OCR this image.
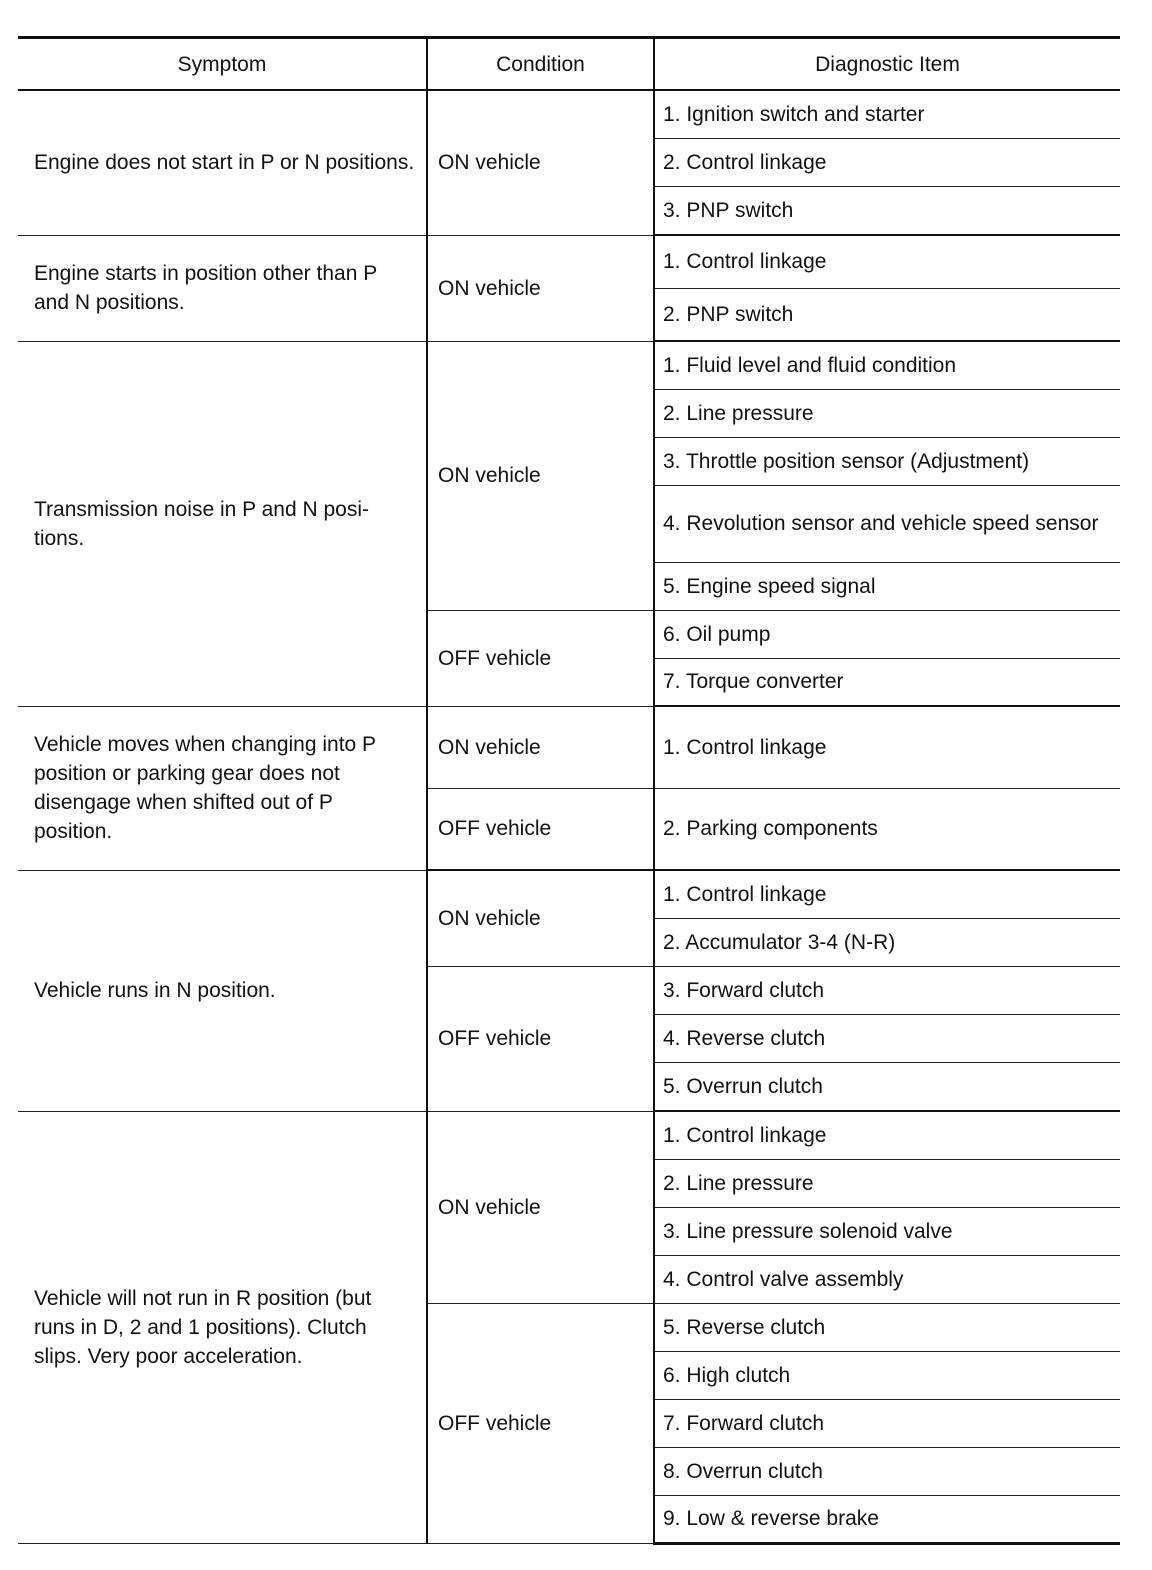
Symptom	Condition	Diagnostic Item
Engine does not start in P or N positions.	ON vehicle	1. Ignition switch and starter
		2. Control linkage
		3. PNP switch
Engine starts in position other than P and N positions.	ON vehicle	1. Control linkage
		2. PNP switch
Transmission noise in P and N posi-tions.	ON vehicle	1. Fluid level and fluid condition
		2. Line pressure
		3. Throttle position sensor (Adjustment)
		4. Revolution sensor and vehicle speed sensor
		5. Engine speed signal
	OFF vehicle	6. Oil pump
		7. Torque converter
Vehicle moves when changing into P position or parking gear does not disengage when shifted out of P position.	ON vehicle	1. Control linkage
	OFF vehicle	2. Parking components
Vehicle runs in N position.	ON vehicle	1. Control linkage
		2. Accumulator 3-4 (N-R)
	OFF vehicle	3. Forward clutch
		4. Reverse clutch
		5. Overrun clutch
Vehicle will not run in R position (but runs in D, 2 and 1 positions). Clutch slips. Very poor acceleration.	ON vehicle	1. Control linkage
		2. Line pressure
		3. Line pressure solenoid valve
		4. Control valve assembly
	OFF vehicle	5. Reverse clutch
		6. High clutch
		7. Forward clutch
		8. Overrun clutch
		9. Low & reverse brake
